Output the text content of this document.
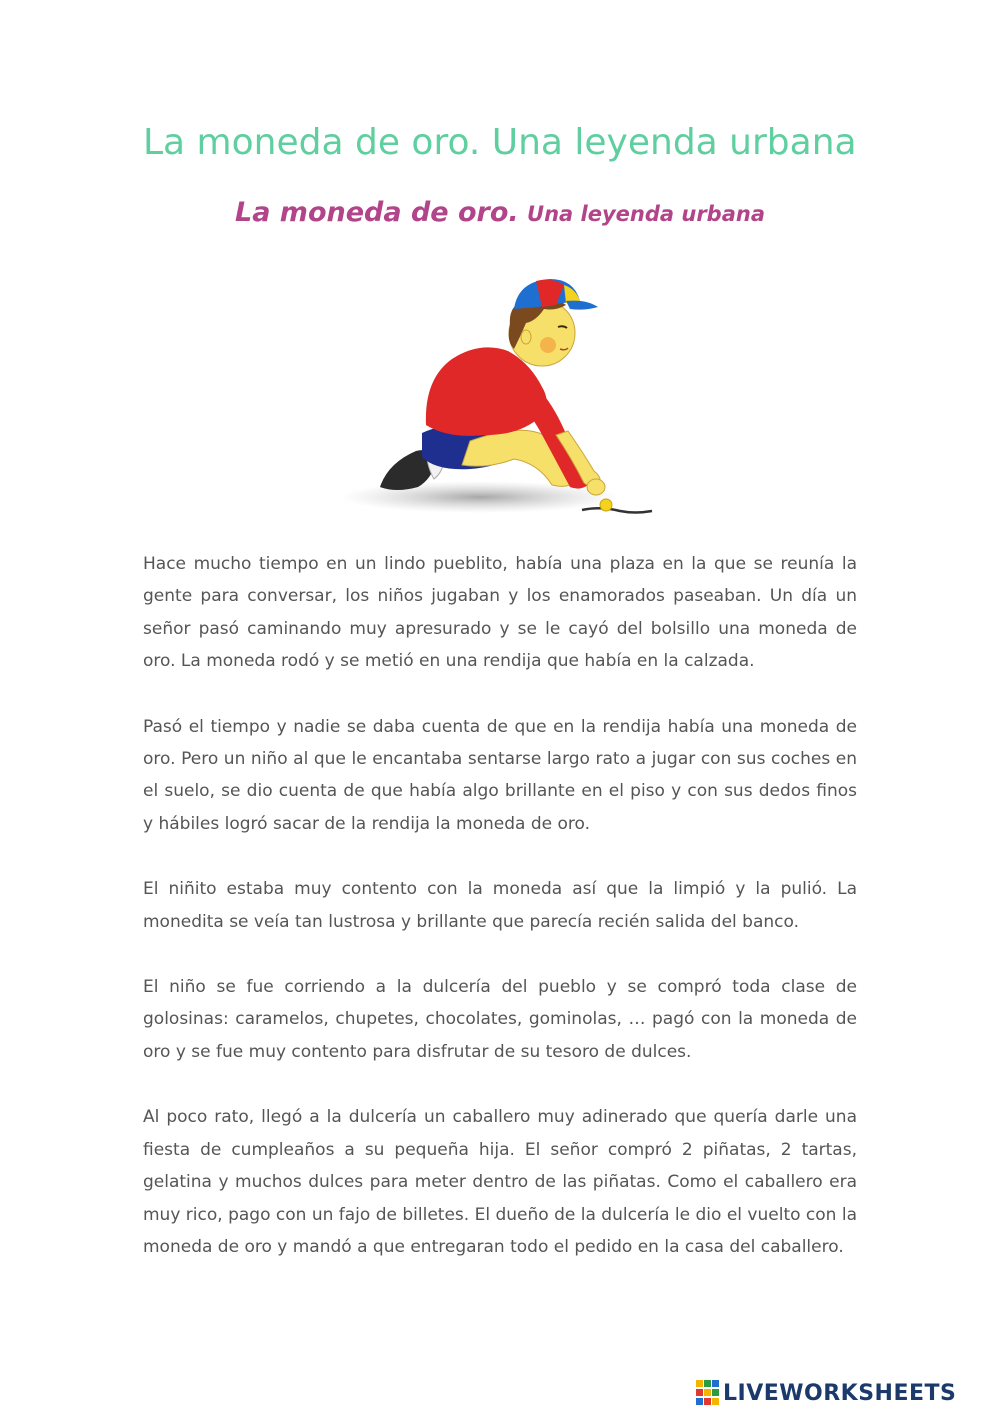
La moneda de oro. Una leyenda urbana
La moneda de oro. Una leyenda urbana

Hace mucho tiempo en un lindo pueblito, había una plaza en la que se reunía la gente para conversar, los niños jugaban y los enamorados paseaban. Un día un señor pasó caminando muy apresurado y se le cayó del bolsillo una moneda de oro. La moneda rodó y se metió en una rendija que había en la calzada.

Pasó el tiempo y nadie se daba cuenta de que en la rendija había una moneda de oro. Pero un niño al que le encantaba sentarse largo rato a jugar con sus coches en el suelo, se dio cuenta de que había algo brillante en el piso y con sus dedos finos y hábiles logró sacar de la rendija la moneda de oro.

El niñito estaba muy contento con la moneda así que la limpió y la pulió. La monedita se veía tan lustrosa y brillante que parecía recién salida del banco.

El niño se fue corriendo a la dulcería del pueblo y se compró toda clase de golosinas: caramelos, chupetes, chocolates, gominolas, … pagó con la moneda de oro y se fue muy contento para disfrutar de su tesoro de dulces.

Al poco rato, llegó a la dulcería un caballero muy adinerado que quería darle una fiesta de cumpleaños a su pequeña hija. El señor compró 2 piñatas, 2 tartas, gelatina y muchos dulces para meter dentro de las piñatas. Como el caballero era muy rico, pago con un fajo de billetes. El dueño de la dulcería le dio el vuelto con la moneda de oro y mandó a que entregaran todo el pedido en la casa del caballero.

LIVEWORKSHEETS
